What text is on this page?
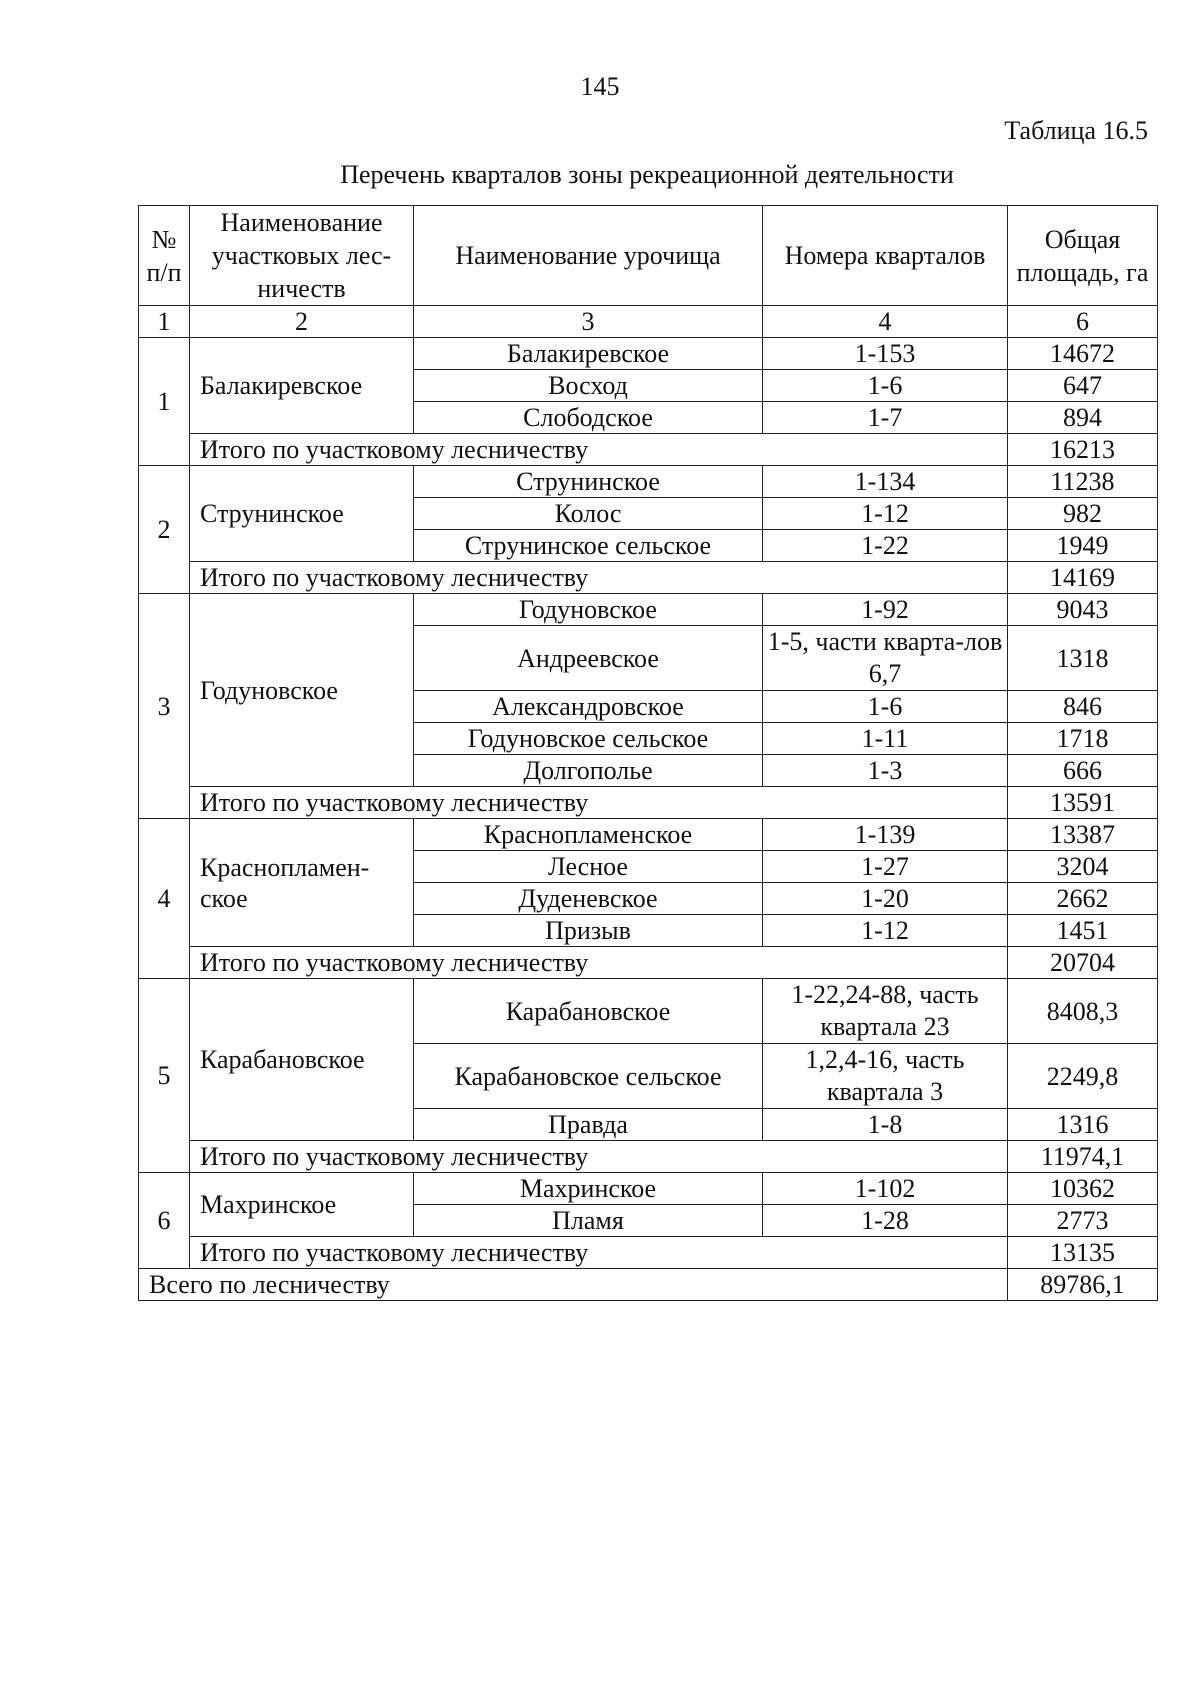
145
Таблица 16.5
Перечень кварталов зоны рекреационной деятельности
№ п/п	Наименование участковых лес-ничеств	Наименование урочища	Номера кварталов	Общая площадь, га
1	2	3	4	6
1	Балакиревское	Балакиревское	1-153	14672
		Восход	1-6	647
		Слободское	1-7	894
	Итого по участковому лесничеству			16213
2	Струнинское	Струнинское	1-134	11238
		Колос	1-12	982
		Струнинское сельское	1-22	1949
	Итого по участковому лесничеству			14169
3	Годуновское	Годуновское	1-92	9043
		Андреевское	1-5, части кварта-лов 6,7	1318
		Александровское	1-6	846
		Годуновское сельское	1-11	1718
		Долгополье	1-3	666
	Итого по участковому лесничеству			13591
4	Краснопламен-ское	Краснопламенское	1-139	13387
		Лесное	1-27	3204
		Дуденевское	1-20	2662
		Призыв	1-12	1451
	Итого по участковому лесничеству			20704
5	Карабановское	Карабановское	1-22,24-88, часть квартала 23	8408,3
		Карабановское сельское	1,2,4-16, часть квартала 3	2249,8
		Правда	1-8	1316
	Итого по участковому лесничеству			11974,1
6	Махринское	Махринское	1-102	10362
		Пламя	1-28	2773
	Итого по участковому лесничеству			13135
Всего по лесничеству				89786,1
